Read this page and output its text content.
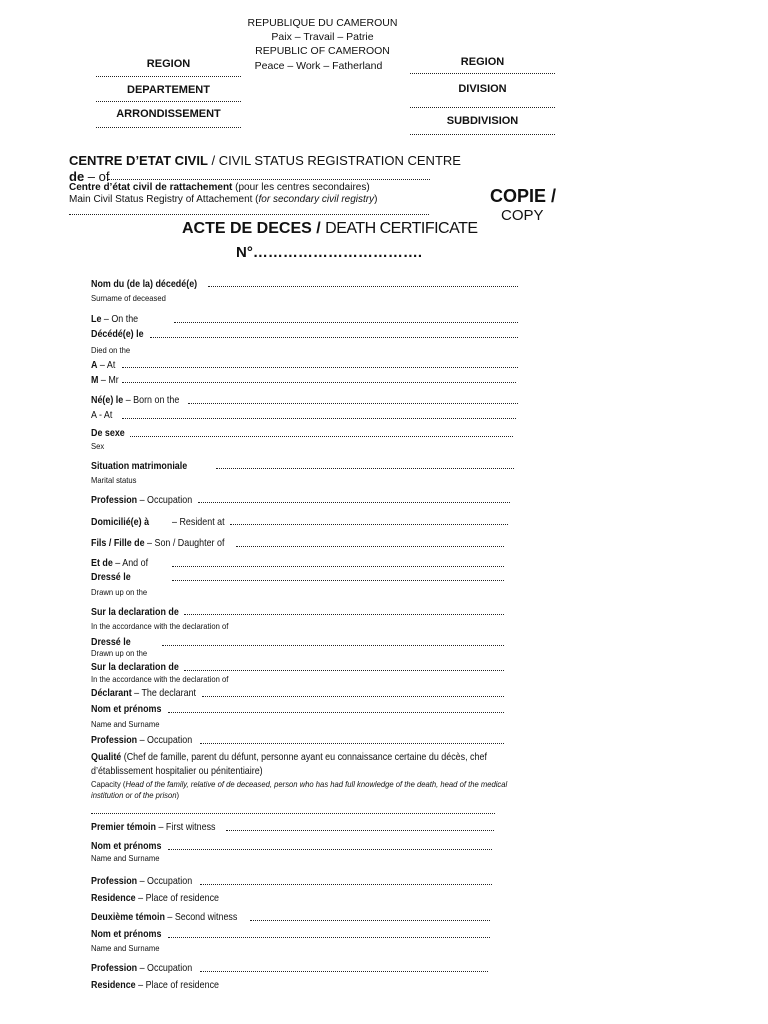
REPUBLIQUE DU CAMEROUN
Paix – Travail – Patrie
REPUBLIC OF CAMEROON
Peace – Work – Fatherland
REGION
DEPARTEMENT
ARRONDISSEMENT
REGION
DIVISION
SUBDIVISION
CENTRE D’ETAT CIVIL / CIVIL STATUS REGISTRATION CENTRE
de – of
Centre d’état civil de rattachement (pour les centres secondaires)
Main Civil Status Registry of Attachement (for secondary civil registry)	COPIE /
COPY
ACTE DE DECES / DEATH CERTIFICATE
N°…………………………….
Nom du (de la) décedé(e)
Surname of deceased
Le – On the
Décédé(e) le
Died on the
A – At
M – Mr
Né(e) le – Born on the
A - At
De sexe
Sex
Situation matrimoniale
Marital status
Profession – Occupation
Domicilié(e) à – Resident at
Fils / Fille de – Son / Daughter of
Et de – And of
Dressé le
Drawn up on the
Sur la declaration de
In the accordance with the declaration of
Dressé le
Drawn up on the
Sur la declaration de
In the accordance with the declaration of
Déclarant – The declarant
Nom et prénoms
Name and Surname
Profession – Occupation
Qualité (Chef de famille, parent du défunt, personne ayant eu connaissance certaine du décès, chef
d’établissement hospitalier ou pénitentiaire)
Capacity (Head of the family, relative of de deceased, person who has had full knowledge of the death, head of the medical
institution or of the prison)
Premier témoin – First witness
Nom et prénoms
Name and Surname
Profession – Occupation
Residence – Place of residence
Deuxième témoin – Second witness
Nom et prénoms
Name and Surname
Profession – Occupation
Residence – Place of residence
